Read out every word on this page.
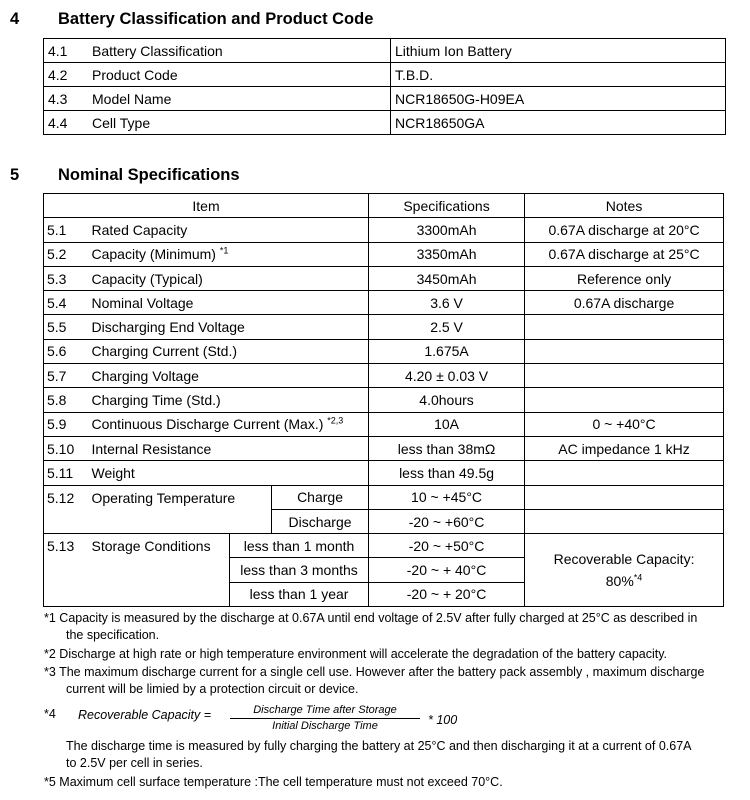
4 Battery Classification and Product Code
4.1	Battery Classification	Lithium Ion Battery
4.2	Product Code	T.B.D.
4.3	Model Name	NCR18650G-H09EA
4.4	Cell Type	NCR18650GA
5 Nominal Specifications
Item				Specifications	Notes
5.1	Rated Capacity			3300mAh	0.67A discharge at 20°C
5.2	Capacity (Minimum) $^{*1}$			3350mAh	0.67A discharge at 25°C
5.3	Capacity (Typical)			3450mAh	Reference only
5.4	Nominal Voltage			3.6 V	0.67A discharge
5.5	Discharging End Voltage			2.5 V	
5.6	Charging Current (Std.)			1.675A	
5.7	Charging Voltage			4.20 ± 0.03 V	
5.8	Charging Time (Std.)			4.0hours	
5.9	Continuous Discharge Current (Max.) $^{*2,3}$			10A	0 ~ +40°C
5.10	Internal Resistance			less than 38mΩ	AC impedance 1 kHz
5.11	Weight			less than 49.5g	
5.12	Operating Temperature		Charge	10 ~ +45°C	
			Discharge	-20 ~ +60°C	
5.13	Storage Conditions	less than 1 month		-20 ~ +50°C	Recoverable Capacity:
80%$^{*4}$
		less than 3 months		-20 ~ + 40°C	
		less than 1 year		-20 ~ + 20°C	
*1 Capacity is measured by the discharge at 0.67A until end voltage of 2.5V after fully charged at 25°C as described in
the specification.
*2 Discharge at high rate or high temperature environment will accelerate the degradation of the battery capacity.
*3 The maximum discharge current for a single cell use. However after the battery pack assembly , maximum discharge
current will be limied by a protection circuit or device.
*4 Recoverable Capacity =	Discharge Time after Storage
Initial Discharge Time	* 100
The discharge time is measured by fully charging the battery at 25°C and then discharging it at a current of 0.67A
to 2.5V per cell in series.
*5 Maximum cell surface temperature :The cell temperature must not exceed 70°C.
